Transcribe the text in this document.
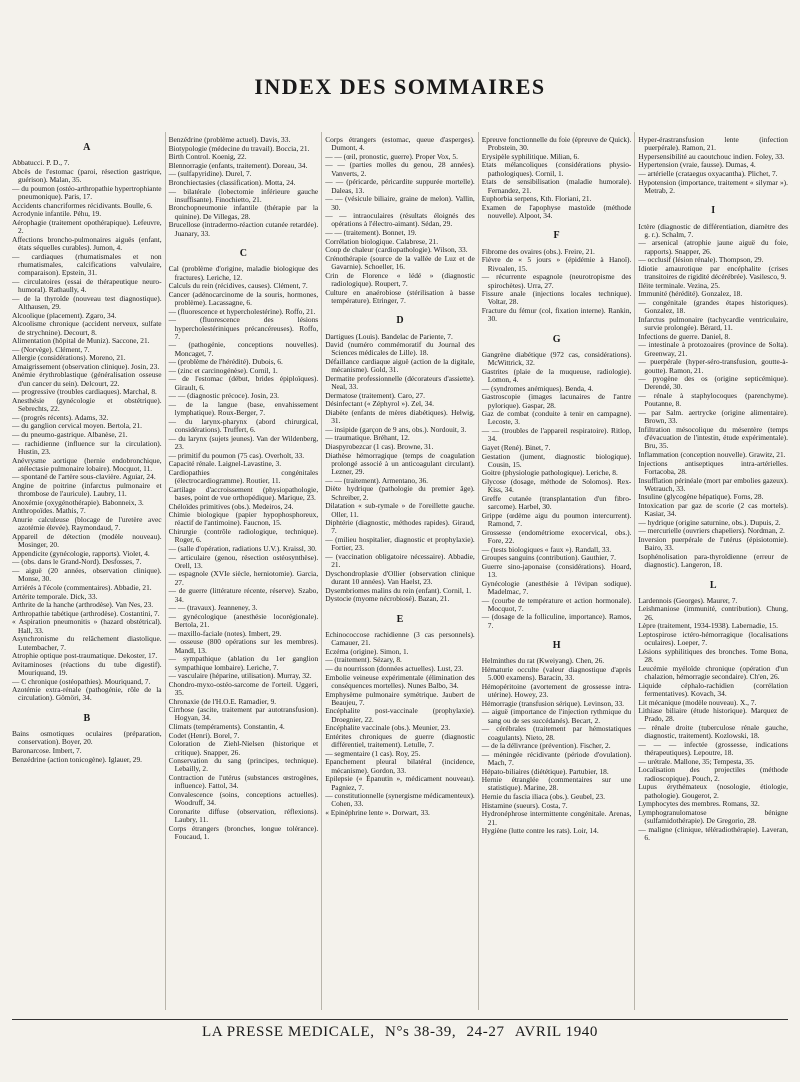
INDEX DES SOMMAIRES
A
Abbatucci. P. D., 7.
Abcès de l'estomac (paroi, résection gastrique, guérison). Malan, 35.
— du poumon (ostéo-arthropathie hypertrophiante pneumonique). Paris, 17.
Accidents chancriformes récidivants. Boulle, 6.
Acrodynie infantile. Péhu, 19.
Aérophagie (traitement opothérapique). Lefeuvre, 2.
Affections broncho-pulmonaires aiguës (enfant, états séquelles curables). Jumon, 4.
— cardiaques (rhumatismales et non rhumatismales, calcifications valvulaire, comparaison). Epstein, 31.
— circulatoires (essai de thérapeutique neuro-humoral). Rathaully, 4.
— de la thyroïde (nouveau test diagnostique). Althausen, 29.
Alcoolique (placement). Zgaro, 34.
Alcoolisme chronique (accident nerveux, sulfate de strychnine). Decourt, 8.
Alimentation (hôpital de Muniz). Saccone, 21.
— (Norvège). Clément, 7.
Allergie (considérations). Moreno, 21.
Amaigrissement (observation clinique). Josin, 23.
Anémie érythroblastique (généralisation osseuse d'un cancer du sein). Delcourt, 22.
— progressive (troubles cardiaques). Marchal, 8.
Anesthésie (gynécologie et obstétrique). Sebrechts, 22.
— (progrès récents). Adams, 32.
— du ganglion cervical moyen. Bertola, 21.
— du pneumo-gastrique. Albanèse, 21.
— rachidienne (influence sur la circulation). Hustin, 23.
Anévrysme aortique (hernie endobronchique, atélectasie pulmonaire lobaire). Mocquot, 11.
— spontané de l'artère sous-clavière. Aguiar, 24.
Angine de poitrine (infarctus pulmonaire et thrombose de l'auricule). Laubry, 11.
Anoxémie (oxygénothérapie). Babonneix, 3.
Anthropoïdes. Mathis, 7.
Anurie calculeuse (blocage de l'uretère avec azotémie élevée). Raymondaud, 7.
Appareil de détection (modèle nouveau). Mosinger, 20.
Appendicite (gynécologie, rapports). Violet, 4.
— (obs. dans le Grand-Nord). Desfosses, 7.
— aiguë (20 années, observation clinique). Monse, 30.
Arriérés à l'école (commentaires). Abbadie, 21.
Artérite temporale. Dick, 33.
Arthrite de la hanche (arthrodèse). Van Nes, 23.
Arthropathie tabétique (arthrodèse). Costantini, 7.
« Aspiration pneumonitis » (hazard obstétrical). Hall, 33.
Asynchronisme du relâchement diastolique. Lutembacher, 7.
Atrophie optique post-traumatique. Dekoster, 17.
Avitaminoses (réactions du tube digestif). Mouriquand, 19.
— C chronique (ostéopathies). Mouriquand, 7.
Azotémie extra-rénale (pathogénie, rôle de la circulation). Gömöri, 34.
B
Bains osmotiques oculaires (préparation, conservation). Boyer, 20.
Baronarcose. Imbert, 7.
Benzédrine (action tonicogène). Iglauer, 29.
Benzédrine (problème actuel). Davis, 33.
Biotypologie (médecine du travail). Boccia, 21.
Birth Control. Koenig, 22.
Blennorragie (enfants, traitement). Doreau, 34.
— (sulfapyridine). Durel, 7.
Bronchiectasies (classification). Motta, 24.
— bilatérale (lobectomie inférieure gauche insuffisante). Finochietto, 21.
Bronchopneumonie infantile (thérapie par la quinine). De Villegas, 28.
Brucellose (intradermo-réaction cutanée retardée). Juanary, 33.
C
Cal (problème d'origine, maladie biologique des fractures). Leriche, 12.
Calculs du rein (récidives, causes). Clément, 7.
Cancer (adénocarcinome de la souris, hormones, problème). Lacassagne, 6.
— (fluorescence et hypercholestérine). Roffo, 21.
— (fluorescence des lésions hyperchoïestériniques précancéreuses). Roffo, 7.
— (pathogénie, conceptions nouvelles). Moncaget, 7.
— (problème de l'hérédité). Dubois, 6.
— (zinc et carcinogénèse). Cornil, 1.
— de l'estomac (début, brides épiploïques). Girault, 6.
— — (diagnostic précoce). Josin, 23.
— de la langue (base, envahissement lymphatique). Roux-Berger, 7.
— du larynx-pharynx (abord chirurgical, considérations). Truffert, 6.
— du larynx (sujets jeunes). Van der Wildenberg, 23.
— primitif du poumon (75 cas). Overholt, 33.
Capacité rénale. Laignel-Lavastine, 3.
Cardiopathies congénitales (électrocardiogramme). Routier, 11.
Cartilage d'accroissement (physiopathologie, bases, point de vue orthopédique). Marique, 23.
Chéloïdes primitives (obs.). Medeiros, 24.
Chimie biologique (papier hypophosphoreux, réactif de l'antimoine). Faucnon, 15.
Chirurgie (contrôle radiologique, technique). Roger, 6.
— (salle d'opération, radiations U.V.). Kraissl, 30.
— articulaire (genou, résection ostéosynthèse). Orell, 13.
— espagnole (XVIe siècle, herniotomie). Garcia, 27.
— de guerre (littérature récente, réserve). Szabo, 34.
— — (travaux). Jeanneney, 3.
— gynécologique (anesthésie locorégionale). Bertola, 21.
— maxillo-faciale (notes). Imbert, 29.
— osseuse (800 opérations sur les membres). Mandl, 13.
— sympathique (ablation du 1er ganglion sympathique lombaire). Leriche, 7.
— vasculaire (héparine, utilisation). Murray, 32.
Chondro-myxo-ostéo-sarcome de l'orteil. Uggeri, 35.
Chronaxie (de l'H.O.E. Ramadier, 9.
Cirrhose (ascite, traitement par autotransfusion). Hogyan, 34.
Climats (tempéraments). Constantin, 4.
Codet (Henri). Borel, 7.
Coloration de Ziehl-Nielsen (historique et critique). Snapper, 26.
Conservation du sang (principes, technique). Lebailly, 2.
Contraction de l'utérus (substances œstrogènes, influence). Fattol, 34.
Convalescence (soins, conceptions actuelles). Woodruff, 34.
Coronarite diffuse (observation, réflexions). Laubry, 11.
Corps étrangers (bronches, longue tolérance). Foucaud, 1.
Corps étrangers (estomac, queue d'asperges). Dumont, 4.
— — (œil, pronostic, guerre). Proper Vox, 5.
— — (parties molles du genou, 28 années). Vanverts, 2.
— — (péricarde, péricardite suppurée mortelle). Daleas, 13.
— — (vésicule biliaire, graine de melon). Vallin, 30.
— — intraoculaires (résultats éloignés des opérations à l'électro-aimant). Sédan, 29.
— — (traitement). Bonnet, 19.
Corrélation biologique. Calabrese, 21.
Coup de chaleur (cardiopathologie). Wilson, 33.
Crénothérapie (source de la vallée de Luz et de Gavarnie). Schoeller, 16.
Crin de Florence « lédé » (diagnostic radiologique). Roupert, 7.
Culture en anaérobiose (stérilisation à basse température). Etringer, 7.
D
Dartigues (Louis). Bandelac de Pariente, 7.
David (numéro commémoratif du Journal des Sciences médicales de Lille). 18.
Défaillance cardiaque aiguë (action de la digitale, mécanisme). Gold, 31.
Dermatite professionnelle (décorateurs d'assiette). Neal, 33.
Dermatose (traitement). Caro, 27.
Désinfectant (« Zéphyrol »). Zel, 34.
Diabète (enfants de mères diabétiques). Helwig, 31.
— insipide (garçon de 9 ans, obs.). Nordouit, 3.
— traumatique. Bréhant, 12.
Diaspyrobezcar (1 cas). Browne, 31.
Diathèse hémorragique (temps de coagulation prolongé associé à un anticoagulant circulant). Lezner, 29.
— — (traitement). Armentano, 36.
Diète hydrique (pathologie du premier âge). Schreiber, 2.
Dilatation « sub-rymale » de l'oreillette gauche. Oller, 11.
Diphtérie (diagnostic, méthodes rapides). Giraud, 7.
— (milieu hospitalier, diagnostic et prophylaxie). Fortier, 23.
— (vaccination obligatoire nécessaire). Abbadie, 21.
Dyschondroplasie d'Ollier (observation clinique durant 10 années). Van Haelst, 23.
Dysembriomes malins du rein (enfant). Cornil, 1.
Dystocie (myome nécrobiosé). Bazan, 21.
E
Echinococcose rachidienne (3 cas personnels). Camauer, 21.
Eczéma (origine). Simon, 1.
— (traitement). Sézary, 8.
— du nourrisson (données actuelles). Lust, 23.
Embolie veineuse expérimentale (élimination des conséquences mortelles). Nunes Balbo, 34.
Emphysème pulmonaire symétrique. Jaubert de Beaujeu, 7.
Encéphalite post-vaccinale (prophylaxie). Droegnier, 22.
Encéphalite vaccinale (obs.). Meunier, 23.
Entérites chroniques de guerre (diagnostic différentiel, traitement). Letulle, 7.
— segmentaire (1 cas). Roy, 25.
Epanchement pleural bilatéral (incidence, mécanisme). Gordon, 33.
Epilepsie (« Épanutin », médicament nouveau). Pagniez, 7.
— constitutionnelle (synergisme médicamenteux). Cohen, 33.
« Epinéphrine lente ». Dorwart, 33.
Epreuve fonctionnelle du foie (épreuve de Quick). Probstein, 30.
Erysipèle syphilitique. Milian, 6.
Etats mélancoliques (considérations physio-pathologiques). Cornil, 1.
Etats de sensibilisation (maladie humorale). Fernandez, 21.
Euphorbia serpens, Kth. Floriani, 21.
Examen de l'apophyse mastoïde (méthode nouvelle). Alpoot, 34.
F
Fibrome des ovaires (obs.). Freire, 21.
Fièvre de « 5 jours » (épidémie à Hanoï). Rivoalen, 15.
— récurrente espagnole (neurotropisme des spirochètes). Urra, 27.
Fissure anale (injections locales technique). Voltar, 28.
Fracture du fémur (col, fixation interne). Rankin, 30.
G
Gangrène diabétique (972 cas, considérations). McWittrick, 32.
Gastrites (plaie de la muqueuse, radiologie). Lomon, 4.
— (syndromes anémiques). Benda, 4.
Gastroscopie (images lacunaires de l'antre pylorique). Gaspar, 28.
Gaz de combat (conduite à tenir en campagne). Lecoste, 3.
— — (troubles de l'appareil respiratoire). Ritlop, 34.
Gayet (René). Binet, 7.
Gestation (jument, diagnostic biologique). Cousin, 15.
Goitre (physiologie pathologique). Leriche, 8.
Glycose (dosage, méthode de Solomos). Rex-Kiss, 34.
Greffe cutanée (transplantation d'un fibro-sarcome). Harbel, 30.
Grippe (œdème aigu du poumon intercurrent). Ramond, 7.
Grossesse (endométriome exocervical, obs.). Fore, 22.
— (tests biologiques « faux »). Randall, 33.
Groupes sanguins (contribution). Gauthier, 7.
Guerre sino-japonaise (considérations). Hoard, 13.
Gynécologie (anesthésie à l'évipan sodique). Madelmac, 7.
— (courbe de température et action hormonale). Mocquot, 7.
— (dosage de la folliculine, importance). Ramos, 7.
H
Helminthes du rat (Kweiyang). Chen, 26.
Hématurie occulte (valeur diagnostique d'après 5.000 examens). Baracin, 33.
Hémopéritoine (avortement de grossesse intra-utérine). Howey, 23.
Hémorragie (transfusion sérique). Levinson, 33.
— aiguë (importance de l'injection rythmique du sang ou de ses succédanés). Becart, 2.
— cérébrales (traitement par hémostatiques coagulants). Nieto, 28.
— de la délivrance (prévention). Fischer, 2.
— méningée récidivante (période d'ovulation). Mach, 7.
Hépato-biliaires (diététique). Partubier, 18.
Hernie étranglée (commentaires sur une statistique). Marine, 28.
Hernie du fascia iliaca (obs.). Geubel, 23.
Histamine (sueurs). Costa, 7.
Hydronéphrose intermittente congénitale. Arenas, 21.
Hygiène (lutte contre les rats). Loir, 14.
Hyper-érastransfusion lente (infection puerpérale). Ramon, 21.
Hypersensibilité au caoutchouc indien. Foley, 33.
Hypertension (vraie, fausse). Dumas, 4.
— artérielle (crataegus oxyacantha). Plichet, 7.
Hypotension (importance, traitement « silymar »). Metrab, 2.
I
Ictère (diagnostic de différentiation, diamètre des g. r.). Schalm, 7.
— arsenical (atrophie jaune aiguë du foie, rapports). Snapper, 26.
— occlusif (lésion rénale). Thompson, 29.
Idiotie amaurotique par encéphalite (crises transitoires de rigidité décérébrée). Vasilesco, 9.
Iléite terminale. Vezina, 25.
Immunité (hérédité). Gonzalez, 18.
— congénitale (grandes étapes historiques). Gonzalez, 18.
Infarctus pulmonaire (tachycardie ventriculaire, survie prolongée). Bérard, 11.
Infections de guerre. Daniel, 8.
— intestinale à protozoaires (province de Solta). Greenway, 21.
— puerpérale (hyper-séro-transfusion, goutte-à-goutte). Ramon, 21.
— pyogène des os (origine septicémique). Derendé, 30.
— rénale à staphylocoques (parenchyme). Poutanne, 8.
— par Salm. aertrycke (origine alimentaire). Brown, 33.
Infiltration mésocolique du mésentère (temps d'évacuation de l'intestin, étude expérimentale). Bru, 35.
Inflammation (conception nouvelle). Grawitz, 21.
Injections antiseptiques intra-artérielles. Fortacoba, 28.
Insufflation périnéale (mort par embolies gazeux). Wetrauch, 33.
Insuline (glycogène hépatique). Forns, 28.
Intoxication par gaz de scorie (2 cas mortels). Kasiar, 34.
— hydrique (origine saturnine, obs.). Dupuis, 2.
— mercurielle (ouvriers chapeliers). Nordman, 2.
Inversion puerpérale de l'utérus (épisiotomie). Bairo, 33.
Isophénolisation para-thyroïdienne (erreur de diagnostic). Langeron, 18.
L
Lardennois (Georges). Maurer, 7.
Leishmaniose (immunité, contribution). Chung, 26.
Lèpre (traitement, 1934-1938). Labernadie, 15.
Leptospirose ictéro-hémorragique (localisations oculaires). Loeper, 7.
Lésions syphilitiques des bronches. Tome Bona, 28.
Leucémie myéloïde chronique (opération d'un chalazion, hémorragie secondaire). Ch'en, 26.
Liquide céphalo-rachidien (corrélation fermentatives). Kovach, 34.
Lit mécanique (modèle nouveau). X., 7.
Lithiase biliaire (étude historique). Marquez de Prado, 28.
— rénale droite (tuberculose rénale gauche, diagnostic, traitement). Kozlowski, 18.
— — — infectée (grossesse, indications thérapeutiques). Lepoutre, 18.
— urétrale. Mallone, 35; Tempesta, 35.
Localisation des projectiles (méthode radioscopique). Pouch, 2.
Lupus érythémateux (nosologie, étiologie, pathologie). Gougerot, 2.
Lymphocytes des membres. Romans, 32.
Lymphogranulomatose bénigne (sulfamidothérapie). De Gregorio, 28.
— maligne (clinique, téléradiothérapie). Laveran, 6.
LA PRESSE MEDICALE, N°s 38-39, 24-27 AVRIL 1940
